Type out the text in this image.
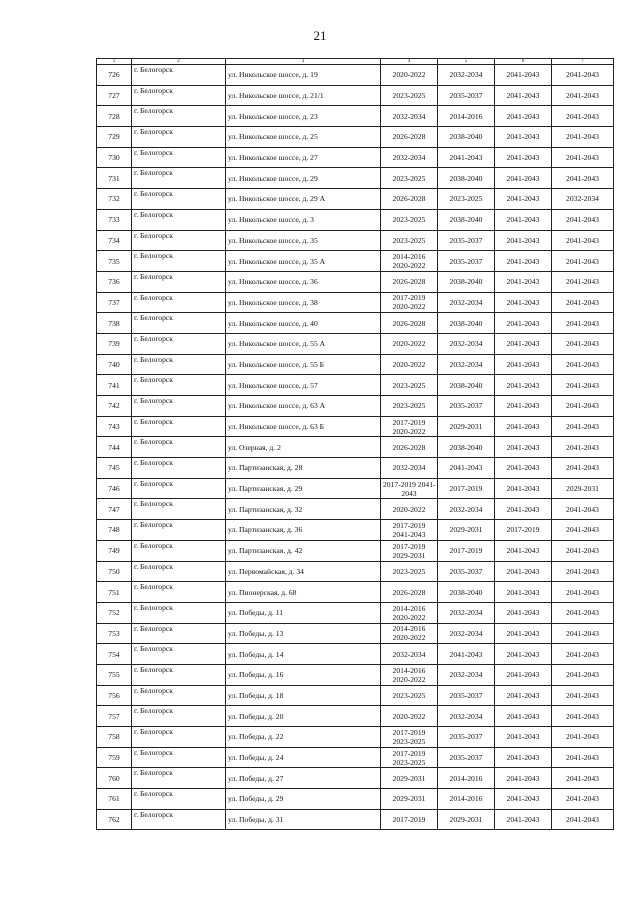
21
1	2	3	4	5	6	7
726	г. Белогорск	ул. Никольское шоссе, д. 19	2020-2022	2032-2034	2041-2043	2041-2043
727	г. Белогорск	ул. Никольское шоссе, д. 21/1	2023-2025	2035-2037	2041-2043	2041-2043
728	г. Белогорск	ул. Никольское шоссе, д. 23	2032-2034	2014-2016	2041-2043	2041-2043
729	г. Белогорск	ул. Никольское шоссе, д. 25	2026-2028	2038-2040	2041-2043	2041-2043
730	г. Белогорск	ул. Никольское шоссе, д. 27	2032-2034	2041-2043	2041-2043	2041-2043
731	г. Белогорск	ул. Никольское шоссе, д. 29	2023-2025	2038-2040	2041-2043	2041-2043
732	г. Белогорск	ул. Никольское шоссе, д. 29 А	2026-2028	2023-2025	2041-2043	2032-2034
733	г. Белогорск	ул. Никольское шоссе, д. 3	2023-2025	2038-2040	2041-2043	2041-2043
734	г. Белогорск	ул. Никольское шоссе, д. 35	2023-2025	2035-2037	2041-2043	2041-2043
735	г. Белогорск	ул. Никольское шоссе, д. 35 А	2014-2016
2020-2022	2035-2037	2041-2043	2041-2043
736	г. Белогорск	ул. Никольское шоссе, д. 36	2026-2028	2038-2040	2041-2043	2041-2043
737	г. Белогорск	ул. Никольское шоссе, д. 38	2017-2019
2020-2022	2032-2034	2041-2043	2041-2043
738	г. Белогорск	ул. Никольское шоссе, д. 40	2026-2028	2038-2040	2041-2043	2041-2043
739	г. Белогорск	ул. Никольское шоссе, д. 55 А	2020-2022	2032-2034	2041-2043	2041-2043
740	г. Белогорск	ул. Никольское шоссе, д. 55 Б	2020-2022	2032-2034	2041-2043	2041-2043
741	г. Белогорск	ул. Никольское шоссе, д. 57	2023-2025	2038-2040	2041-2043	2041-2043
742	г. Белогорск	ул. Никольское шоссе, д. 63 А	2023-2025	2035-2037	2041-2043	2041-2043
743	г. Белогорск	ул. Никольское шоссе, д. 63 Б	2017-2019
2020-2022	2029-2031	2041-2043	2041-2043
744	г. Белогорск	ул. Озерная, д. 2	2026-2028	2038-2040	2041-2043	2041-2043
745	г. Белогорск	ул. Партизанская, д. 28	2032-2034	2041-2043	2041-2043	2041-2043
746	г. Белогорск	ул. Партизанская, д. 29	2017-2019 2041-
2043	2017-2019	2041-2043	2029-2031
747	г. Белогорск	ул. Партизанская, д. 32	2020-2022	2032-2034	2041-2043	2041-2043
748	г. Белогорск	ул. Партизанская, д. 36	2017-2019
2041-2043	2029-2031	2017-2019	2041-2043
749	г. Белогорск	ул. Партизанская, д. 42	2017-2019
2029-2031	2017-2019	2041-2043	2041-2043
750	г. Белогорск	ул. Первомайская, д. 34	2023-2025	2035-2037	2041-2043	2041-2043
751	г. Белогорск	ул. Пионерская, д. 68	2026-2028	2038-2040	2041-2043	2041-2043
752	г. Белогорск	ул. Победы, д. 11	2014-2016
2020-2022	2032-2034	2041-2043	2041-2043
753	г. Белогорск	ул. Победы, д. 13	2014-2016
2020-2022	2032-2034	2041-2043	2041-2043
754	г. Белогорск	ул. Победы, д. 14	2032-2034	2041-2043	2041-2043	2041-2043
755	г. Белогорск	ул. Победы, д. 16	2014-2016
2020-2022	2032-2034	2041-2043	2041-2043
756	г. Белогорск	ул. Победы, д. 18	2023-2025	2035-2037	2041-2043	2041-2043
757	г. Белогорск	ул. Победы, д. 20	2020-2022	2032-2034	2041-2043	2041-2043
758	г. Белогорск	ул. Победы, д. 22	2017-2019
2023-2025	2035-2037	2041-2043	2041-2043
759	г. Белогорск	ул. Победы, д. 24	2017-2019
2023-2025	2035-2037	2041-2043	2041-2043
760	г. Белогорск	ул. Победы, д. 27	2029-2031	2014-2016	2041-2043	2041-2043
761	г. Белогорск	ул. Победы, д. 29	2029-2031	2014-2016	2041-2043	2041-2043
762	г. Белогорск	ул. Победы, д. 31	2017-2019	2029-2031	2041-2043	2041-2043
